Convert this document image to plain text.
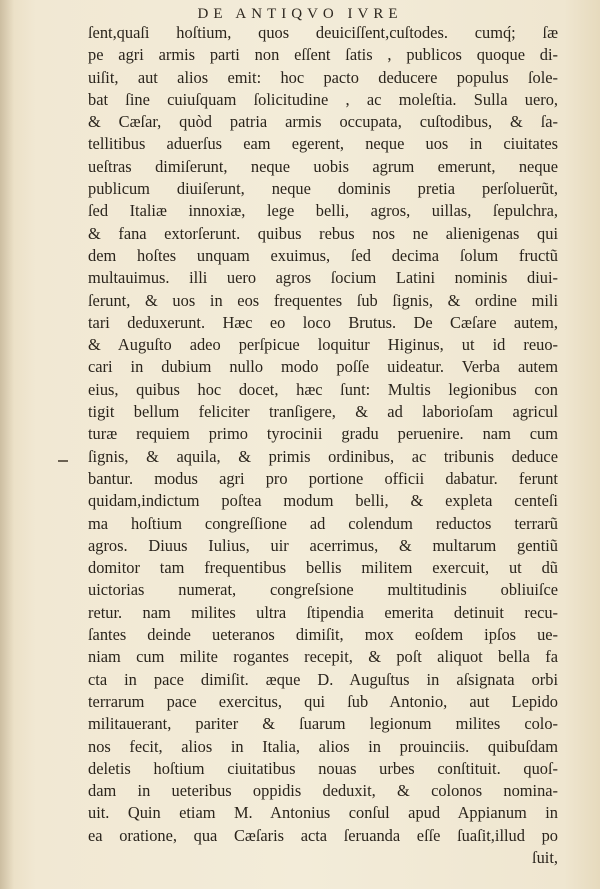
DE ANTIQVO IVRE
ſent,quaſi hoſtium, quos deuiciſſent,cuſtodes. cumq́; ſæ
pe agri armis parti non eſſent ſatis , publicos quoque di-
uiſit, aut alios emit: hoc pacto deducere populus ſole-
bat ſine cuiuſquam ſolicitudine , ac moleſtia. Sulla uero,
& Cæſar, quòd patria armis occupata, cuſtodibus, & ſa-
tellitibus aduerſus eam egerent, neque uos in ciuitates
ueſtras dimiſerunt, neque uobis agrum emerunt, neque
publicum diuiſerunt, neque dominis pretia perſoluerũt,
ſed Italiæ innoxiæ, lege belli, agros, uillas, ſepulchra,
& fana extorſerunt. quibus rebus nos ne alienigenas qui
dem hoſtes unquam exuimus, ſed decima ſolum fructũ
multauimus. illi uero agros ſocium Latini nominis diui-
ſerunt, & uos in eos frequentes ſub ſignis, & ordine mili
tari deduxerunt. Hæc eo loco Brutus. De Cæſare autem,
& Auguſto adeo perſpicue loquitur Higinus, ut id reuo-
cari in dubium nullo modo poſſe uideatur. Verba autem
eius, quibus hoc docet, hæc ſunt: Multis legionibus con
tigit bellum feliciter tranſigere, & ad laborioſam agricul
turæ requiem primo tyrocinii gradu peruenire. nam cum
ſignis, & aquila, & primis ordinibus, ac tribunis deduce
bantur. modus agri pro portione officii dabatur. ferunt
quidam,indictum poſtea modum belli, & expleta centeſi
ma hoſtium congreſſione ad colendum reductos terrarũ
agros. Diuus Iulius, uir acerrimus, & multarum gentiũ
domitor tam frequentibus bellis militem exercuit, ut dũ
uictorias numerat, congreſsione multitudinis obliuiſce
retur. nam milites ultra ſtipendia emerita detinuit recu-
ſantes deinde ueteranos dimiſit, mox eoſdem ipſos ue-
niam cum milite rogantes recepit, & poſt aliquot bella fa
cta in pace dimiſit. æque D. Auguſtus in aſsignata orbi
terrarum pace exercitus, qui ſub Antonio, aut Lepido
militauerant, pariter & ſuarum legionum milites colo-
nos fecit, alios in Italia, alios in prouinciis. quibuſdam
deletis hoſtium ciuitatibus nouas urbes conſtituit. quoſ-
dam in ueteribus oppidis deduxit, & colonos nomina-
uit. Quin etiam M. Antonius conſul apud Appianum in
ea oratione, qua Cæſaris acta ſeruanda eſſe ſuaſit,illud po
ſuit,
